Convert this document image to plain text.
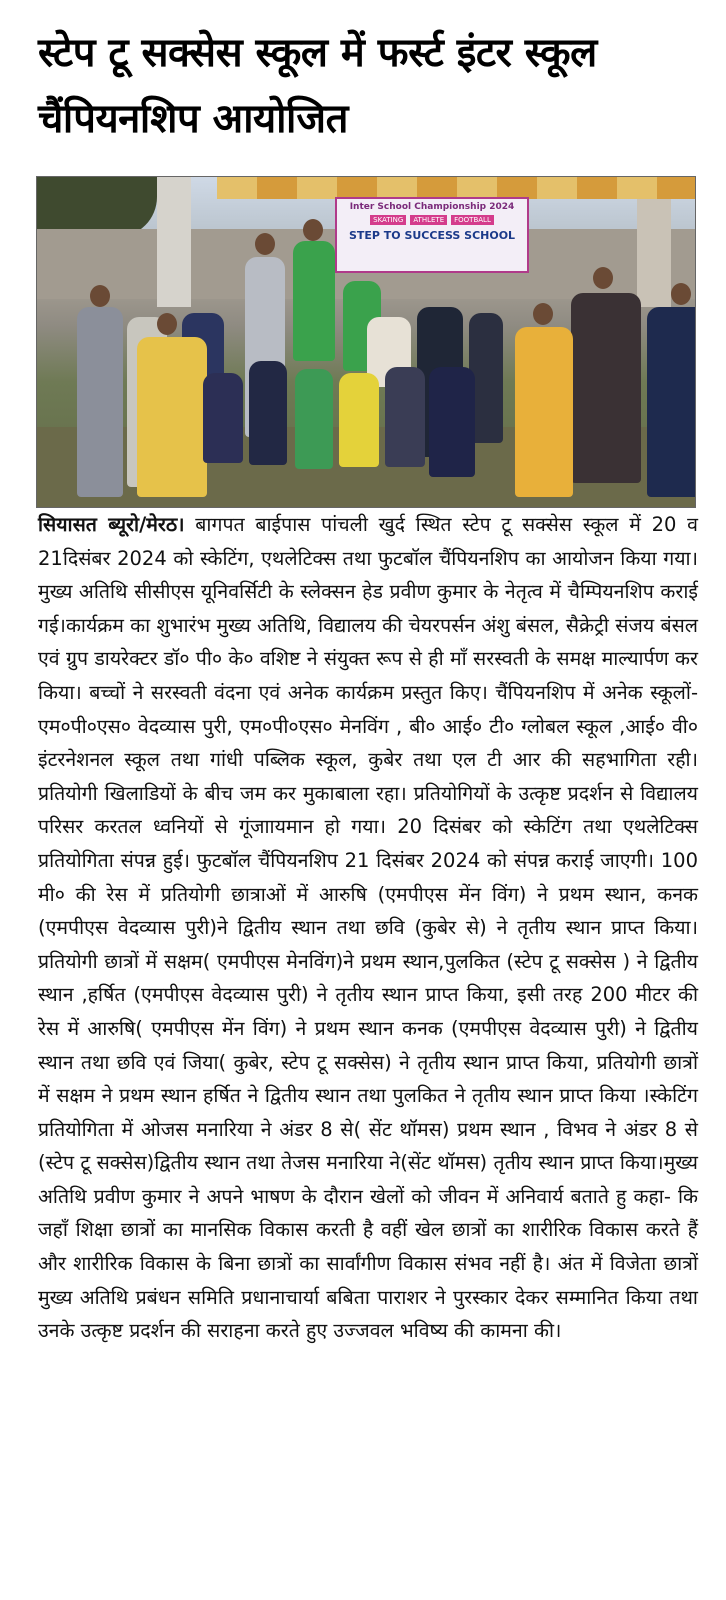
स्टेप टू सक्सेस स्कूल में फर्स्ट इंटर स्कूल चैंपियनशिप आयोजित
Inter School Championship 2024
SKATING	ATHLETE	FOOTBALL
STEP TO SUCCESS SCHOOL

सियासत ब्यूरो/मेरठ। बागपत बाईपास पांचली खुर्द स्थित स्टेप टू सक्सेस स्कूल में 20 व 21दिसंबर 2024 को स्केटिंग, एथलेटिक्स तथा फुटबॉल चैंपियनशिप का आयोजन किया गया।मुख्य अतिथि सीसीएस यूनिवर्सिटी के स्लेक्सन हेड प्रवीण कुमार के नेतृत्व में चैम्पियनशिप कराई गई।कार्यक्रम का शुभारंभ मुख्य अतिथि, विद्यालय की चेयरपर्सन अंशु बंसल, सैक्रेट्री संजय बंसल एवं ग्रुप डायरेक्टर डॉ० पी० के० वशिष्ट ने संयुक्त रूप से ही माँ सरस्वती के समक्ष माल्यार्पण कर किया। बच्चों ने सरस्वती वंदना एवं अनेक कार्यक्रम प्रस्तुत किए। चैंपियनशिप में अनेक स्कूलों- एम०पी०एस० वेदव्यास पुरी, एम०पी०एस० मेनविंग , बी० आई० टी० ग्लोबल स्कूल ,आई० वी० इंटरनेशनल स्कूल तथा गांधी पब्लिक स्कूल, कुबेर तथा एल टी आर की सहभागिता रही। प्रतियोगी खिलाडियों के बीच जम कर मुकाबाला रहा। प्रतियोगियों के उत्कृष्ट प्रदर्शन से विद्यालय परिसर करतल ध्वनियों से गूंजाायमान हो गया। 20 दिसंबर को स्केटिंग तथा एथलेटिक्स प्रतियोगिता संपन्न हुई। फुटबॉल चैंपियनशिप 21 दिसंबर 2024 को संपन्न कराई जाएगी। 100 मी० की रेस में प्रतियोगी छात्राओं में आरुषि (एमपीएस मेंन विंग) ने प्रथम स्थान, कनक (एमपीएस वेदव्यास पुरी)ने द्वितीय स्थान तथा छवि (कुबेर से) ने तृतीय स्थान प्राप्त किया। प्रतियोगी छात्रों में सक्षम( एमपीएस मेनविंग)ने प्रथम स्थान,पुलकित (स्टेप टू सक्सेस ) ने द्वितीय स्थान ,हर्षित (एमपीएस वेदव्यास पुरी) ने तृतीय स्थान प्राप्त किया, इसी तरह 200 मीटर की रेस में आरुषि( एमपीएस मेंन विंग) ने प्रथम स्थान कनक (एमपीएस वेदव्यास पुरी) ने द्वितीय स्थान तथा छवि एवं जिया( कुबेर, स्टेप टू सक्सेस) ने तृतीय स्थान प्राप्त किया, प्रतियोगी छात्रों में सक्षम ने प्रथम स्थान हर्षित ने द्वितीय स्थान तथा पुलकित ने तृतीय स्थान प्राप्त किया ।स्केटिंग प्रतियोगिता में ओजस मनारिया ने अंडर 8 से( सेंट थॉमस) प्रथम स्थान , विभव ने अंडर 8 से (स्टेप टू सक्सेस)द्वितीय स्थान तथा तेजस मनारिया ने(सेंट थॉमस) तृतीय स्थान प्राप्त किया।मुख्य अतिथि प्रवीण कुमार ने अपने भाषण के दौरान खेलों को जीवन में अनिवार्य बताते हु कहा- कि जहाँ शिक्षा छात्रों का मानसिक विकास करती है वहीं खेल छात्रों का शारीरिक विकास करते हैं और शारीरिक विकास के बिना छात्रों का सार्वांगीण विकास संभव नहीं है। अंत में विजेता छात्रों मुख्य अतिथि प्रबंधन समिति प्रधानाचार्या बबिता पाराशर ने पुरस्कार देकर सम्मानित किया तथा उनके उत्कृष्ट प्रदर्शन की सराहना करते हुए उज्जवल भविष्य की कामना की।
